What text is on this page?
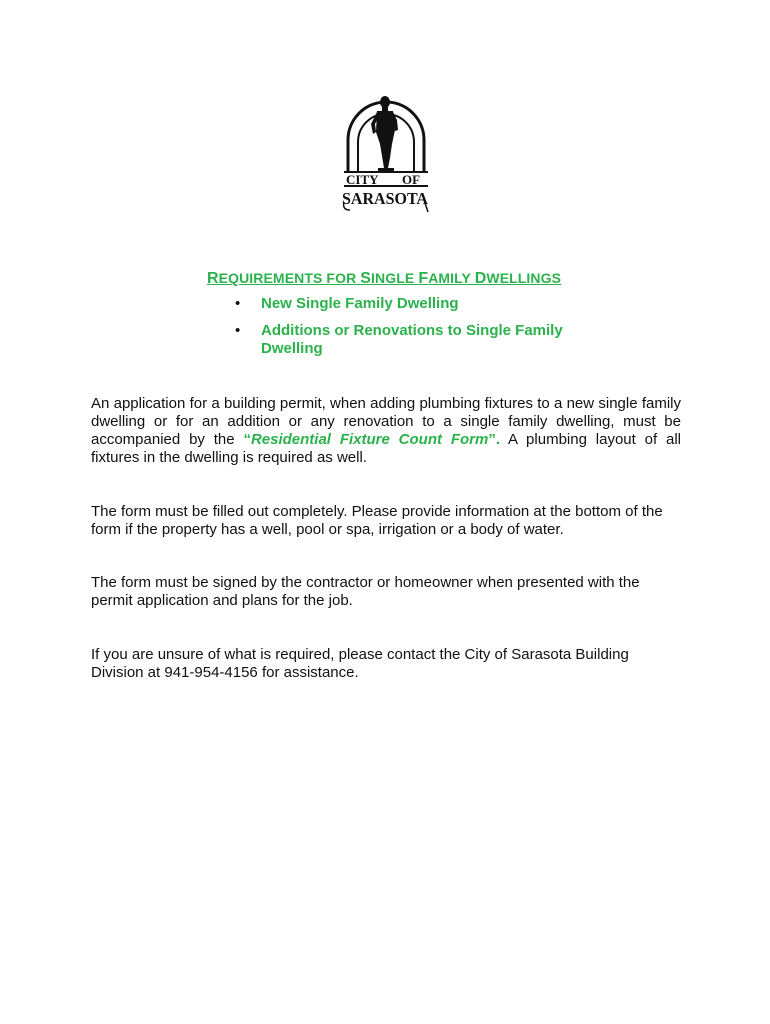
CITY OF
SARASOTA
REQUIREMENTS FOR SINGLE FAMILY DWELLINGS
• New Single Family Dwelling
• Additions or Renovations to Single Family Dwelling

An application for a building permit, when adding plumbing fixtures to a new single family dwelling or for an addition or any renovation to a single family dwelling, must be accompanied by the “Residential Fixture Count Form”. A plumbing layout of all fixtures in the dwelling is required as well.

The form must be filled out completely. Please provide information at the bottom of the form if the property has a well, pool or spa, irrigation or a body of water.

The form must be signed by the contractor or homeowner when presented with the permit application and plans for the job.

If you are unsure of what is required, please contact the City of Sarasota Building Division at 941-954-4156 for assistance.
